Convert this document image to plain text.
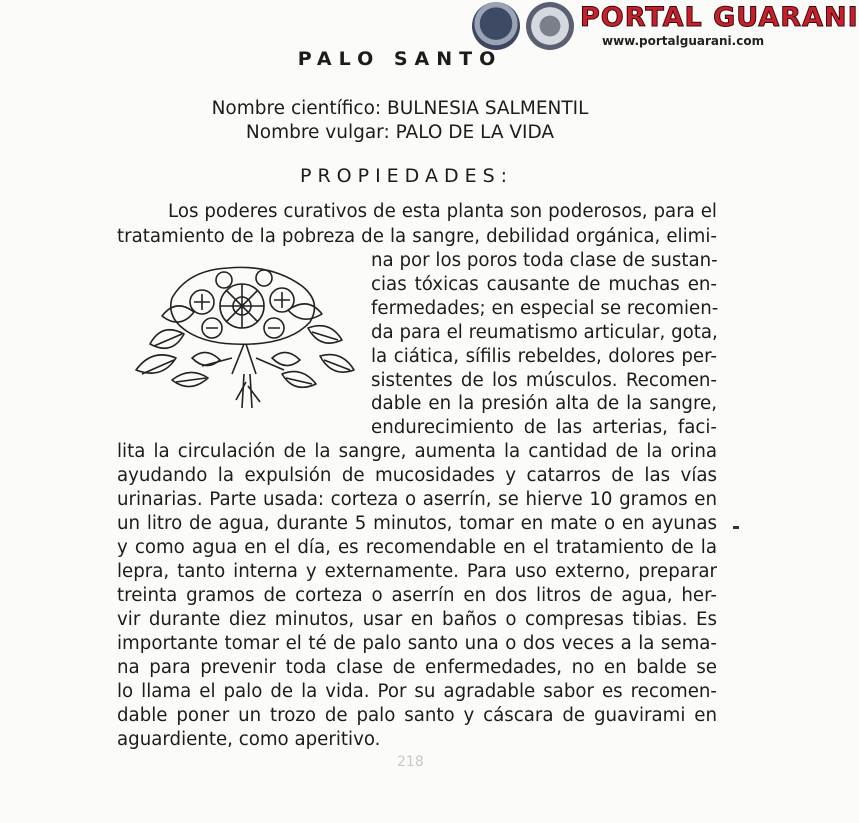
PORTAL GUARANI
www.portalguarani.com
PALO SANTO
Nombre científico: BULNESIA SALMENTIL
Nombre vulgar: PALO DE LA VIDA
PROPIEDADES:
Los poderes curativos de esta planta son poderosos, para el
tratamiento de la pobreza de la sangre, debilidad orgánica, elimi-
na por los poros toda clase de sustan-
cias tóxicas causante de muchas en-
fermedades; en especial se recomien-
da para el reumatismo articular, gota,
la ciática, sífilis rebeldes, dolores per-
sistentes de los músculos. Recomen-
dable en la presión alta de la sangre,
endurecimiento de las arterias, faci-
lita la circulación de la sangre, aumenta la cantidad de la orina
ayudando la expulsión de mucosidades y catarros de las vías
urinarias. Parte usada: corteza o aserrín, se hierve 10 gramos en
un litro de agua, durante 5 minutos, tomar en mate o en ayunas
y como agua en el día, es recomendable en el tratamiento de la
lepra, tanto interna y externamente. Para uso externo, preparar
treinta gramos de corteza o aserrín en dos litros de agua, her-
vir durante diez minutos, usar en baños o compresas tibias. Es
importante tomar el té de palo santo una o dos veces a la sema-
na para prevenir toda clase de enfermedades, no en balde se
lo llama el palo de la vida. Por su agradable sabor es recomen-
dable poner un trozo de palo santo y cáscara de guavirami en
aguardiente, como aperitivo.
218
